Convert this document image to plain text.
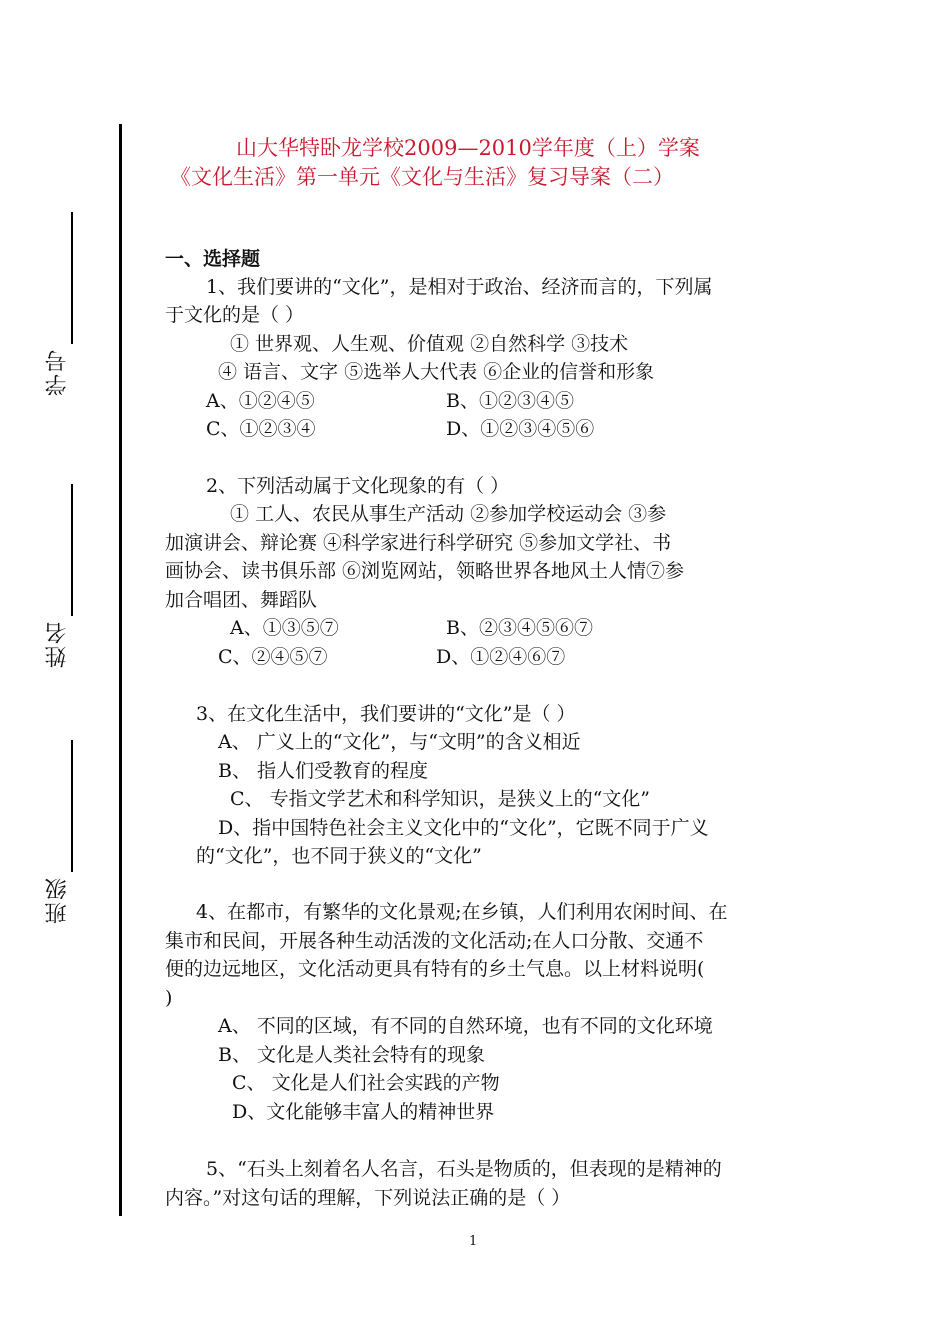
学号
姓名
班级
山大华特卧龙学校2009—2010学年度（上）学案
《文化生活》第一单元《文化与生活》复习导案（二）
一、选择题
1、我们要讲的“文化”，是相对于政治、经济而言的，下列属
于文化的是（ ）
① 世界观、人生观、价值观 ②自然科学 ③技术
④ 语言、文字 ⑤选举人大代表 ⑥企业的信誉和形象
A、①②④⑤	B、①②③④⑤
C、①②③④	D、①②③④⑤⑥
2、下列活动属于文化现象的有（ ）
① 工人、农民从事生产活动 ②参加学校运动会 ③参
加演讲会、辩论赛 ④科学家进行科学研究 ⑤参加文学社、书
画协会、读书俱乐部 ⑥浏览网站，领略世界各地风土人情⑦参
加合唱团、舞蹈队
A、①③⑤⑦	B、②③④⑤⑥⑦
C、②④⑤⑦	D、①②④⑥⑦
3、在文化生活中，我们要讲的“文化”是（ ）
A、 广义上的“文化”，与“文明”的含义相近
B、 指人们受教育的程度
C、 专指文学艺术和科学知识，是狭义上的“文化”
D、指中国特色社会主义文化中的“文化”，它既不同于广义
的“文化”，也不同于狭义的“文化”
4、在都市，有繁华的文化景观;在乡镇，人们利用农闲时间、在
集市和民间，开展各种生动活泼的文化活动;在人口分散、交通不
便的边远地区，文化活动更具有特有的乡土气息。以上材料说明(
)
A、 不同的区域，有不同的自然环境，也有不同的文化环境
B、 文化是人类社会特有的现象
C、 文化是人们社会实践的产物
D、文化能够丰富人的精神世界
5、“石头上刻着名人名言，石头是物质的，但表现的是精神的
内容。”对这句话的理解，下列说法正确的是（ ）
1
